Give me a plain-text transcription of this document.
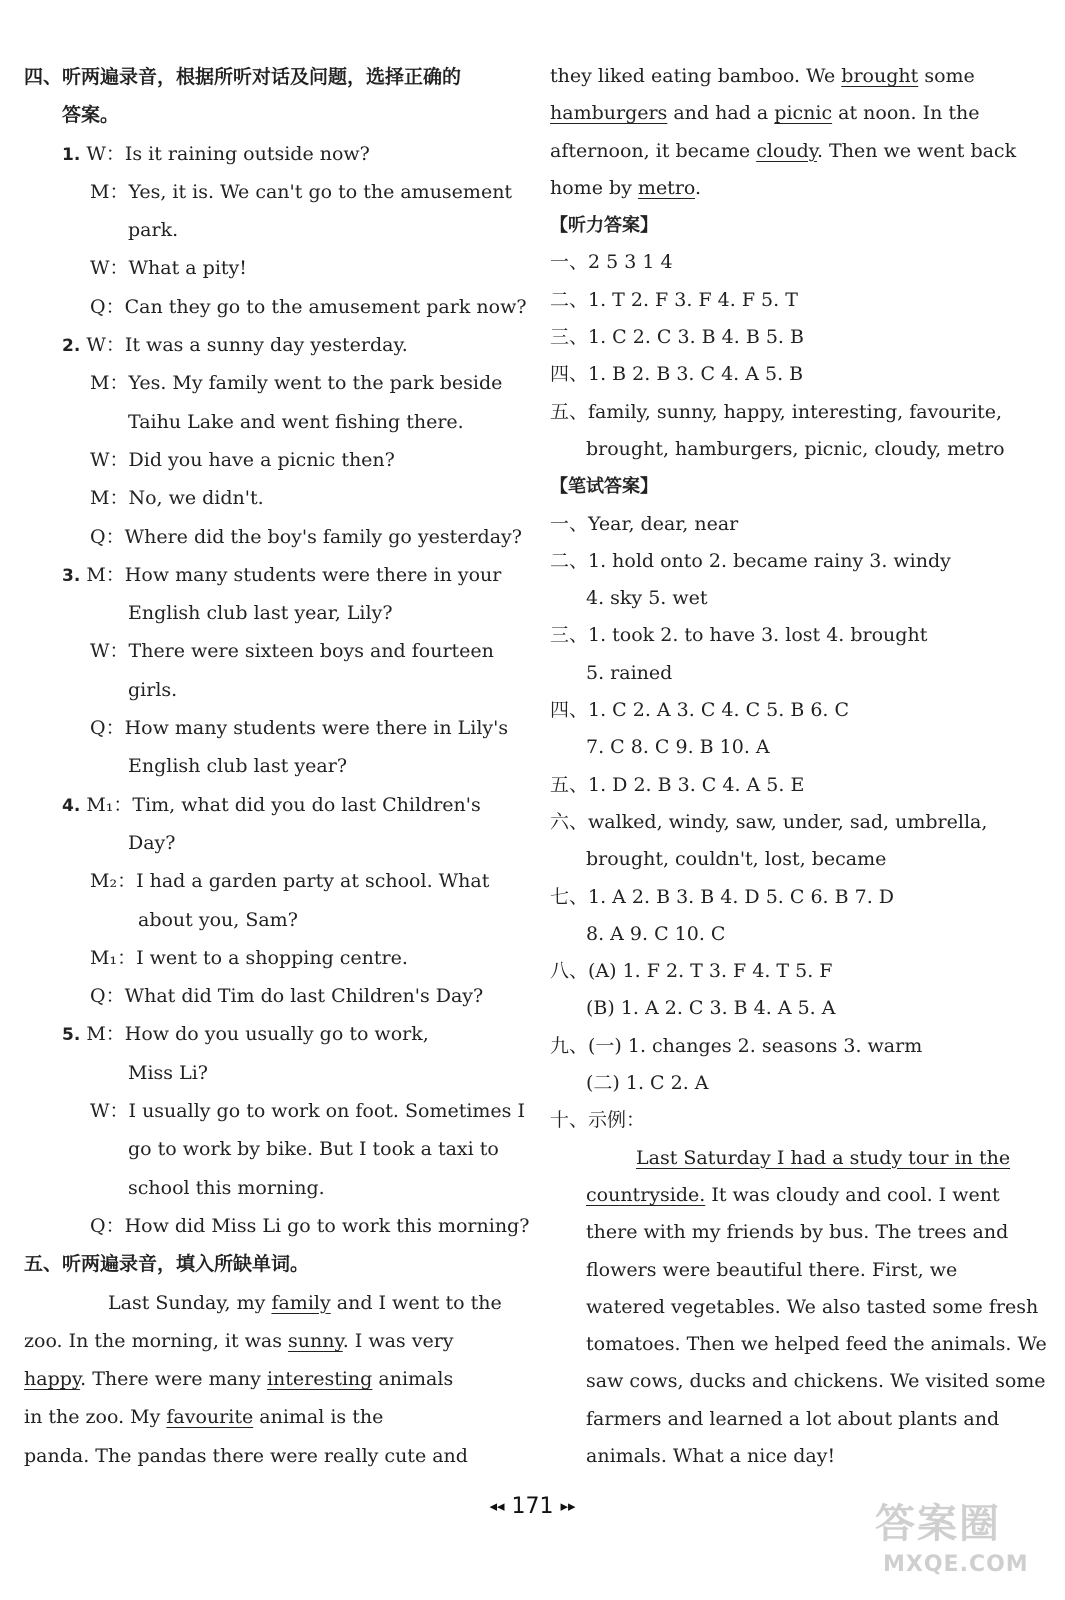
四、听两遍录音，根据所听对话及问题，选择正确的
答案。
1. W：Is it raining outside now?
M：Yes, it is. We can't go to the amusement
park.
W：What a pity!
Q：Can they go to the amusement park now?
2. W：It was a sunny day yesterday.
M：Yes. My family went to the park beside
Taihu Lake and went fishing there.
W：Did you have a picnic then?
M：No, we didn't.
Q：Where did the boy's family go yesterday?
3. M：How many students were there in your
English club last year, Lily?
W：There were sixteen boys and fourteen
girls.
Q：How many students were there in Lily's
English club last year?
4. M₁：Tim, what did you do last Children's
Day?
M₂：I had a garden party at school. What
about you, Sam?
M₁：I went to a shopping centre.
Q：What did Tim do last Children's Day?
5. M：How do you usually go to work,
Miss Li?
W：I usually go to work on foot. Sometimes I
go to work by bike. But I took a taxi to
school this morning.
Q：How did Miss Li go to work this morning?
五、听两遍录音，填入所缺单词。
Last Sunday, my family and I went to the
zoo. In the morning, it was sunny. I was very
happy. There were many interesting animals
in the zoo. My favourite animal is the
panda. The pandas there were really cute and
they liked eating bamboo. We brought some
hamburgers and had a picnic at noon. In the
afternoon, it became cloudy. Then we went back
home by metro.
【听力答案】
一、2 5 3 1 4
二、1. T 2. F 3. F 4. F 5. T
三、1. C 2. C 3. B 4. B 5. B
四、1. B 2. B 3. C 4. A 5. B
五、family, sunny, happy, interesting, favourite,
brought, hamburgers, picnic, cloudy, metro
【笔试答案】
一、Year, dear, near
二、1. hold onto 2. became rainy 3. windy
4. sky 5. wet
三、1. took 2. to have 3. lost 4. brought
5. rained
四、1. C 2. A 3. C 4. C 5. B 6. C
7. C 8. C 9. B 10. A
五、1. D 2. B 3. C 4. A 5. E
六、walked, windy, saw, under, sad, umbrella,
brought, couldn't, lost, became
七、1. A 2. B 3. B 4. D 5. C 6. B 7. D
8. A 9. C 10. C
八、(A) 1. F 2. T 3. F 4. T 5. F
(B) 1. A 2. C 3. B 4. A 5. A
九、(一) 1. changes 2. seasons 3. warm
(二) 1. C 2. A
十、示例：
Last Saturday I had a study tour in the
countryside. It was cloudy and cool. I went
there with my friends by bus. The trees and
flowers were beautiful there. First, we
watered vegetables. We also tasted some fresh
tomatoes. Then we helped feed the animals. We
saw cows, ducks and chickens. We visited some
farmers and learned a lot about plants and
animals. What a nice day!
◂◂ 171 ▸▸	答案圈
MXQE.COM
